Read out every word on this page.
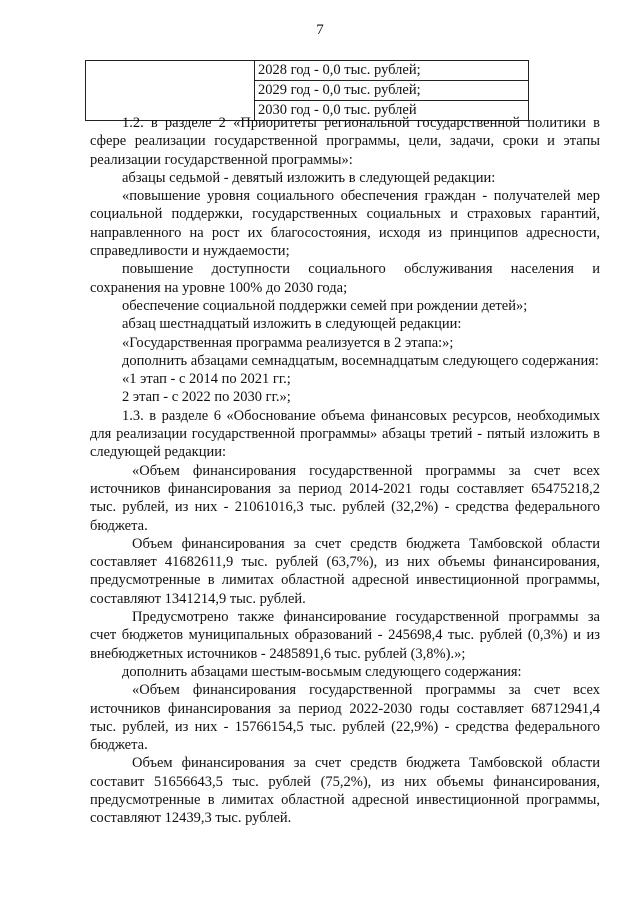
7
	2028 год - 0,0 тыс. рублей;
2029 год - 0,0 тыс. рублей;
2030 год - 0,0 тыс. рублей

1.2. в разделе 2 «Приоритеты региональной государственной политики в сфере реализации государственной программы, цели, задачи, сроки и этапы реализации государственной программы»:

абзацы седьмой - девятый изложить в следующей редакции:

«повышение уровня социального обеспечения граждан - получателей мер социальной поддержки, государственных социальных и страховых гарантий, направленного на рост их благосостояния, исходя из принципов адресности, справедливости и нуждаемости;

повышение доступности социального обслуживания населения и сохранения на уровне 100% до 2030 года;

обеспечение социальной поддержки семей при рождении детей»;

абзац шестнадцатый изложить в следующей редакции:

«Государственная программа реализуется в 2 этапа:»;

дополнить абзацами семнадцатым, восемнадцатым следующего содержания:

«1 этап - с 2014 по 2021 гг.;

2 этап - с 2022 по 2030 гг.»;

1.3. в разделе 6 «Обоснование объема финансовых ресурсов, необходимых для реализации государственной программы» абзацы третий - пятый изложить в следующей редакции:

«Объем финансирования государственной программы за счет всех источников финансирования за период 2014-2021 годы составляет 65475218,2 тыс. рублей, из них - 21061016,3 тыс. рублей (32,2%) - средства федерального бюджета.

Объем финансирования за счет средств бюджета Тамбовской области составляет 41682611,9 тыс. рублей (63,7%), из них объемы финансирования, предусмотренные в лимитах областной адресной инвестиционной программы, составляют 1341214,9 тыс. рублей.

Предусмотрено также финансирование государственной программы за счет бюджетов муниципальных образований - 245698,4 тыс. рублей (0,3%) и из внебюджетных источников - 2485891,6 тыс. рублей (3,8%).»;

дополнить абзацами шестым-восьмым следующего содержания:

«Объем финансирования государственной программы за счет всех источников финансирования за период 2022-2030 годы составляет 68712941,4 тыс. рублей, из них - 15766154,5 тыс. рублей (22,9%) - средства федерального бюджета.

Объем финансирования за счет средств бюджета Тамбовской области составит 51656643,5 тыс. рублей (75,2%), из них объемы финансирования, предусмотренные в лимитах областной адресной инвестиционной программы, составляют 12439,3 тыс. рублей.
